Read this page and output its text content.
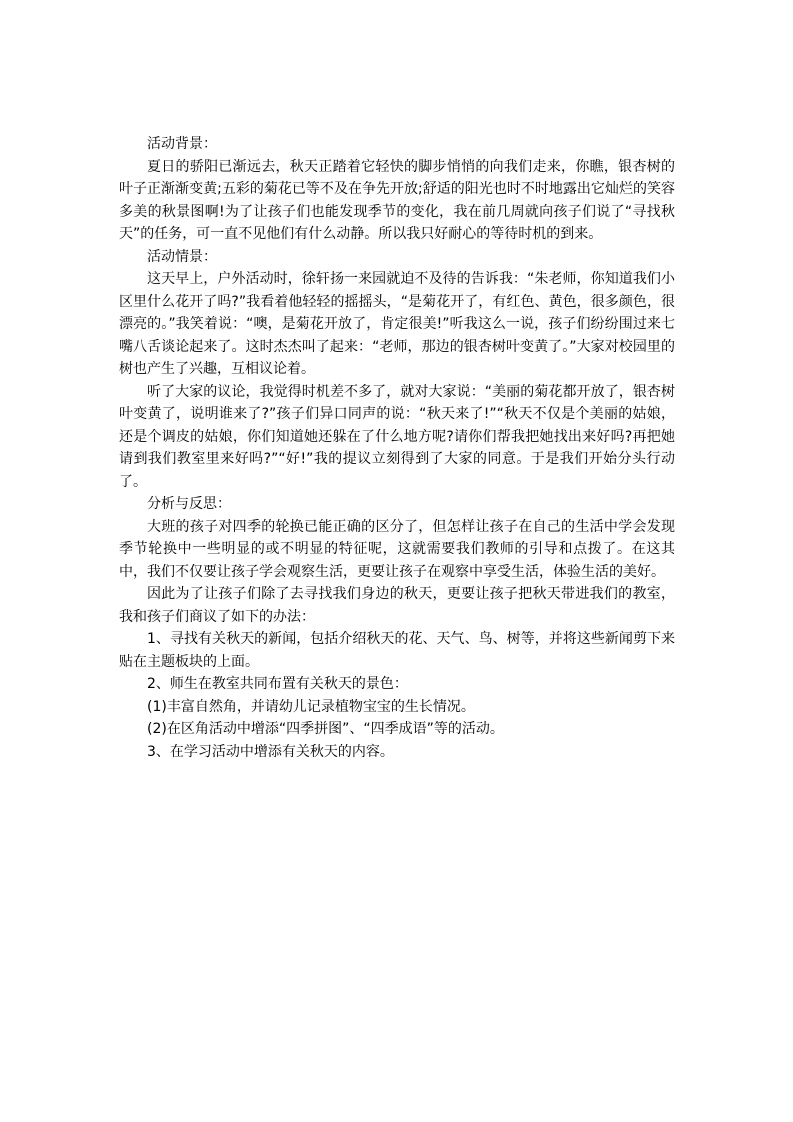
活动背景：

夏日的骄阳已渐远去，秋天正踏着它轻快的脚步悄悄的向我们走来，你瞧，银杏树的叶子正渐渐变黄;五彩的菊花已等不及在争先开放;舒适的阳光也时不时地露出它灿烂的笑容多美的秋景图啊!为了让孩子们也能发现季节的变化，我在前几周就向孩子们说了“寻找秋天”的任务，可一直不见他们有什么动静。所以我只好耐心的等待时机的到来。

活动情景：

这天早上，户外活动时，徐轩扬一来园就迫不及待的告诉我：“朱老师，你知道我们小区里什么花开了吗?”我看着他轻轻的摇摇头，“是菊花开了，有红色、黄色，很多颜色，很漂亮的。”我笑着说：“噢，是菊花开放了，肯定很美!”听我这么一说，孩子们纷纷围过来七嘴八舌谈论起来了。这时杰杰叫了起来：“老师，那边的银杏树叶变黄了。”大家对校园里的树也产生了兴趣，互相议论着。

听了大家的议论，我觉得时机差不多了，就对大家说：“美丽的菊花都开放了，银杏树叶变黄了，说明谁来了?”孩子们异口同声的说：“秋天来了!”“秋天不仅是个美丽的姑娘，还是个调皮的姑娘，你们知道她还躲在了什么地方呢?请你们帮我把她找出来好吗?再把她请到我们教室里来好吗?”“好!”我的提议立刻得到了大家的同意。于是我们开始分头行动了。

分析与反思：

大班的孩子对四季的轮换已能正确的区分了，但怎样让孩子在自己的生活中学会发现季节轮换中一些明显的或不明显的特征呢，这就需要我们教师的引导和点拨了。在这其中，我们不仅要让孩子学会观察生活，更要让孩子在观察中享受生活，体验生活的美好。

因此为了让孩子们除了去寻找我们身边的秋天，更要让孩子把秋天带进我们的教室，我和孩子们商议了如下的办法：

1、寻找有关秋天的新闻，包括介绍秋天的花、天气、鸟、树等，并将这些新闻剪下来贴在主题板块的上面。

2、师生在教室共同布置有关秋天的景色：

(1)丰富自然角，并请幼儿记录植物宝宝的生长情况。

(2)在区角活动中增添“四季拼图”、“四季成语”等的活动。

3、在学习活动中增添有关秋天的内容。
